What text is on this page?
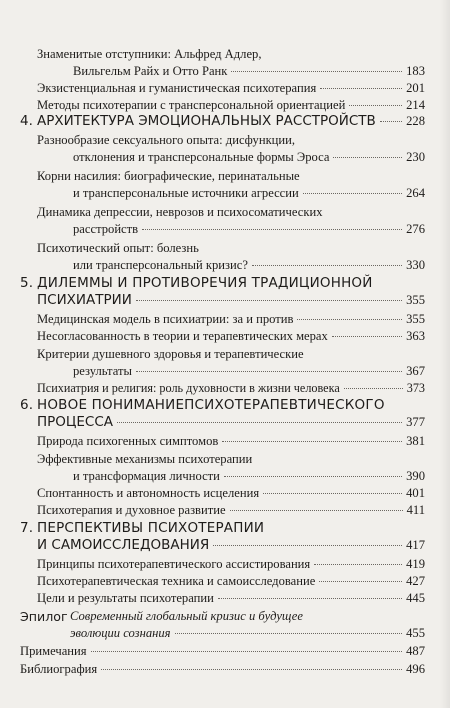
Знаменитые отступники: Альфред Адлер,
Вильгельм Райх и Отто Ранк	183
Экзистенциальная и гуманистическая психотерапия	201
Методы психотерапии с трансперсональной ориентацией	214
4. АРХИТЕКТУРА ЭМОЦИОНАЛЬНЫХ РАССТРОЙСТВ 228
Разнообразие сексуального опыта: дисфункции,
отклонения и трансперсональные формы Эроса	230
Корни насилия: биографические, перинатальные
и трансперсональные источники агрессии	264
Динамика депрессии, неврозов и психосоматических
расстройств	276
Психотический опыт: болезнь
или трансперсональный кризис?	330
5. ДИЛЕММЫ И ПРОТИВОРЕЧИЯ ТРАДИЦИОННОЙ
ПСИХИАТРИИ	355
Медицинская модель в психиатрии: за и против	355
Несогласованность в теории и терапевтических мерах	363
Критерии душевного здоровья и терапевтические
результаты	367
Психиатрия и религия: роль духовности в жизни человека	373
6. НОВОЕ ПОНИМАНИЕПСИХОТЕРАПЕВТИЧЕСКОГО
ПРОЦЕССА	377
Природа психогенных симптомов	381
Эффективные механизмы психотерапии
и трансформация личности	390
Спонтанность и автономность исцеления	401
Психотерапия и духовное развитие	411
7. ПЕРСПЕКТИВЫ ПСИХОТЕРАПИИ
И САМОИССЛЕДОВАНИЯ	417
Принципы психотерапевтического ассистирования	419
Психотерапевтическая техника и самоисследование	427
Цели и результаты психотерапии	445
Эпилог Современный глобальный кризис и будущее
эволюции сознания	455
Примечания	487
Библиография	496
